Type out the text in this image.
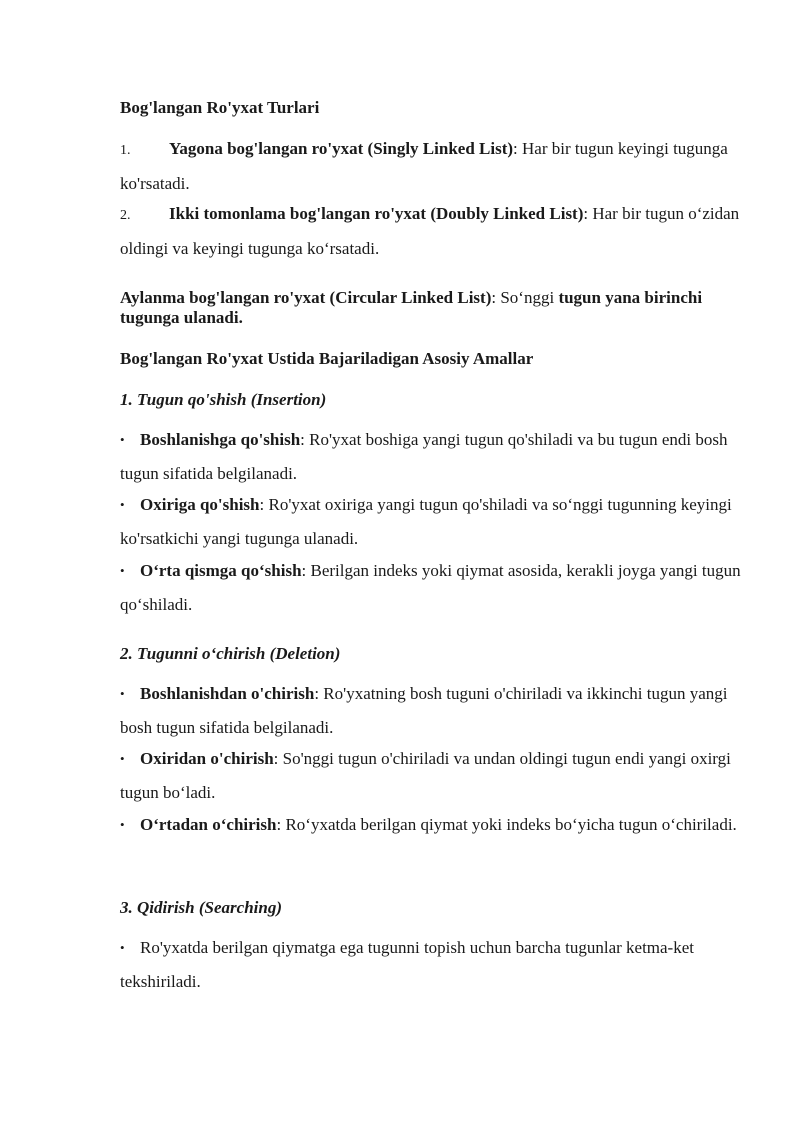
Bog'langan Ro'yxat Turlari

1. Yagona bog'langan ro'yxat (Singly Linked List): Har bir tugun keyingi tugunga ko'rsatadi.

2. Ikki tomonlama bog'langan ro'yxat (Doubly Linked List): Har bir tugun oʻzidan oldingi va keyingi tugunga koʻrsatadi.

Aylanma bog'langan ro'yxat (Circular Linked List): Soʻnggi tugun yana birinchi tugunga ulanadi.

Bog'langan Ro'yxat Ustida Bajariladigan Asosiy Amallar

1. Tugun qo'shish (Insertion)

• Boshlanishga qo'shish: Ro'yxat boshiga yangi tugun qo'shiladi va bu tugun endi bosh tugun sifatida belgilanadi.

• Oxiriga qo'shish: Ro'yxat oxiriga yangi tugun qo'shiladi va soʻnggi tugunning keyingi ko'rsatkichi yangi tugunga ulanadi.

• Oʻrta qismga qoʻshish: Berilgan indeks yoki qiymat asosida, kerakli joyga yangi tugun qoʻshiladi.

2. Tugunni oʻchirish (Deletion)

• Boshlanishdan o'chirish: Ro'yxatning bosh tuguni o'chiriladi va ikkinchi tugun yangi bosh tugun sifatida belgilanadi.

• Oxiridan o'chirish: So'nggi tugun o'chiriladi va undan oldingi tugun endi yangi oxirgi tugun boʻladi.

• Oʻrtadan oʻchirish: Roʻyxatda berilgan qiymat yoki indeks boʻyicha tugun oʻchiriladi.

3. Qidirish (Searching)

• Ro'yxatda berilgan qiymatga ega tugunni topish uchun barcha tugunlar ketma-ket tekshiriladi.
